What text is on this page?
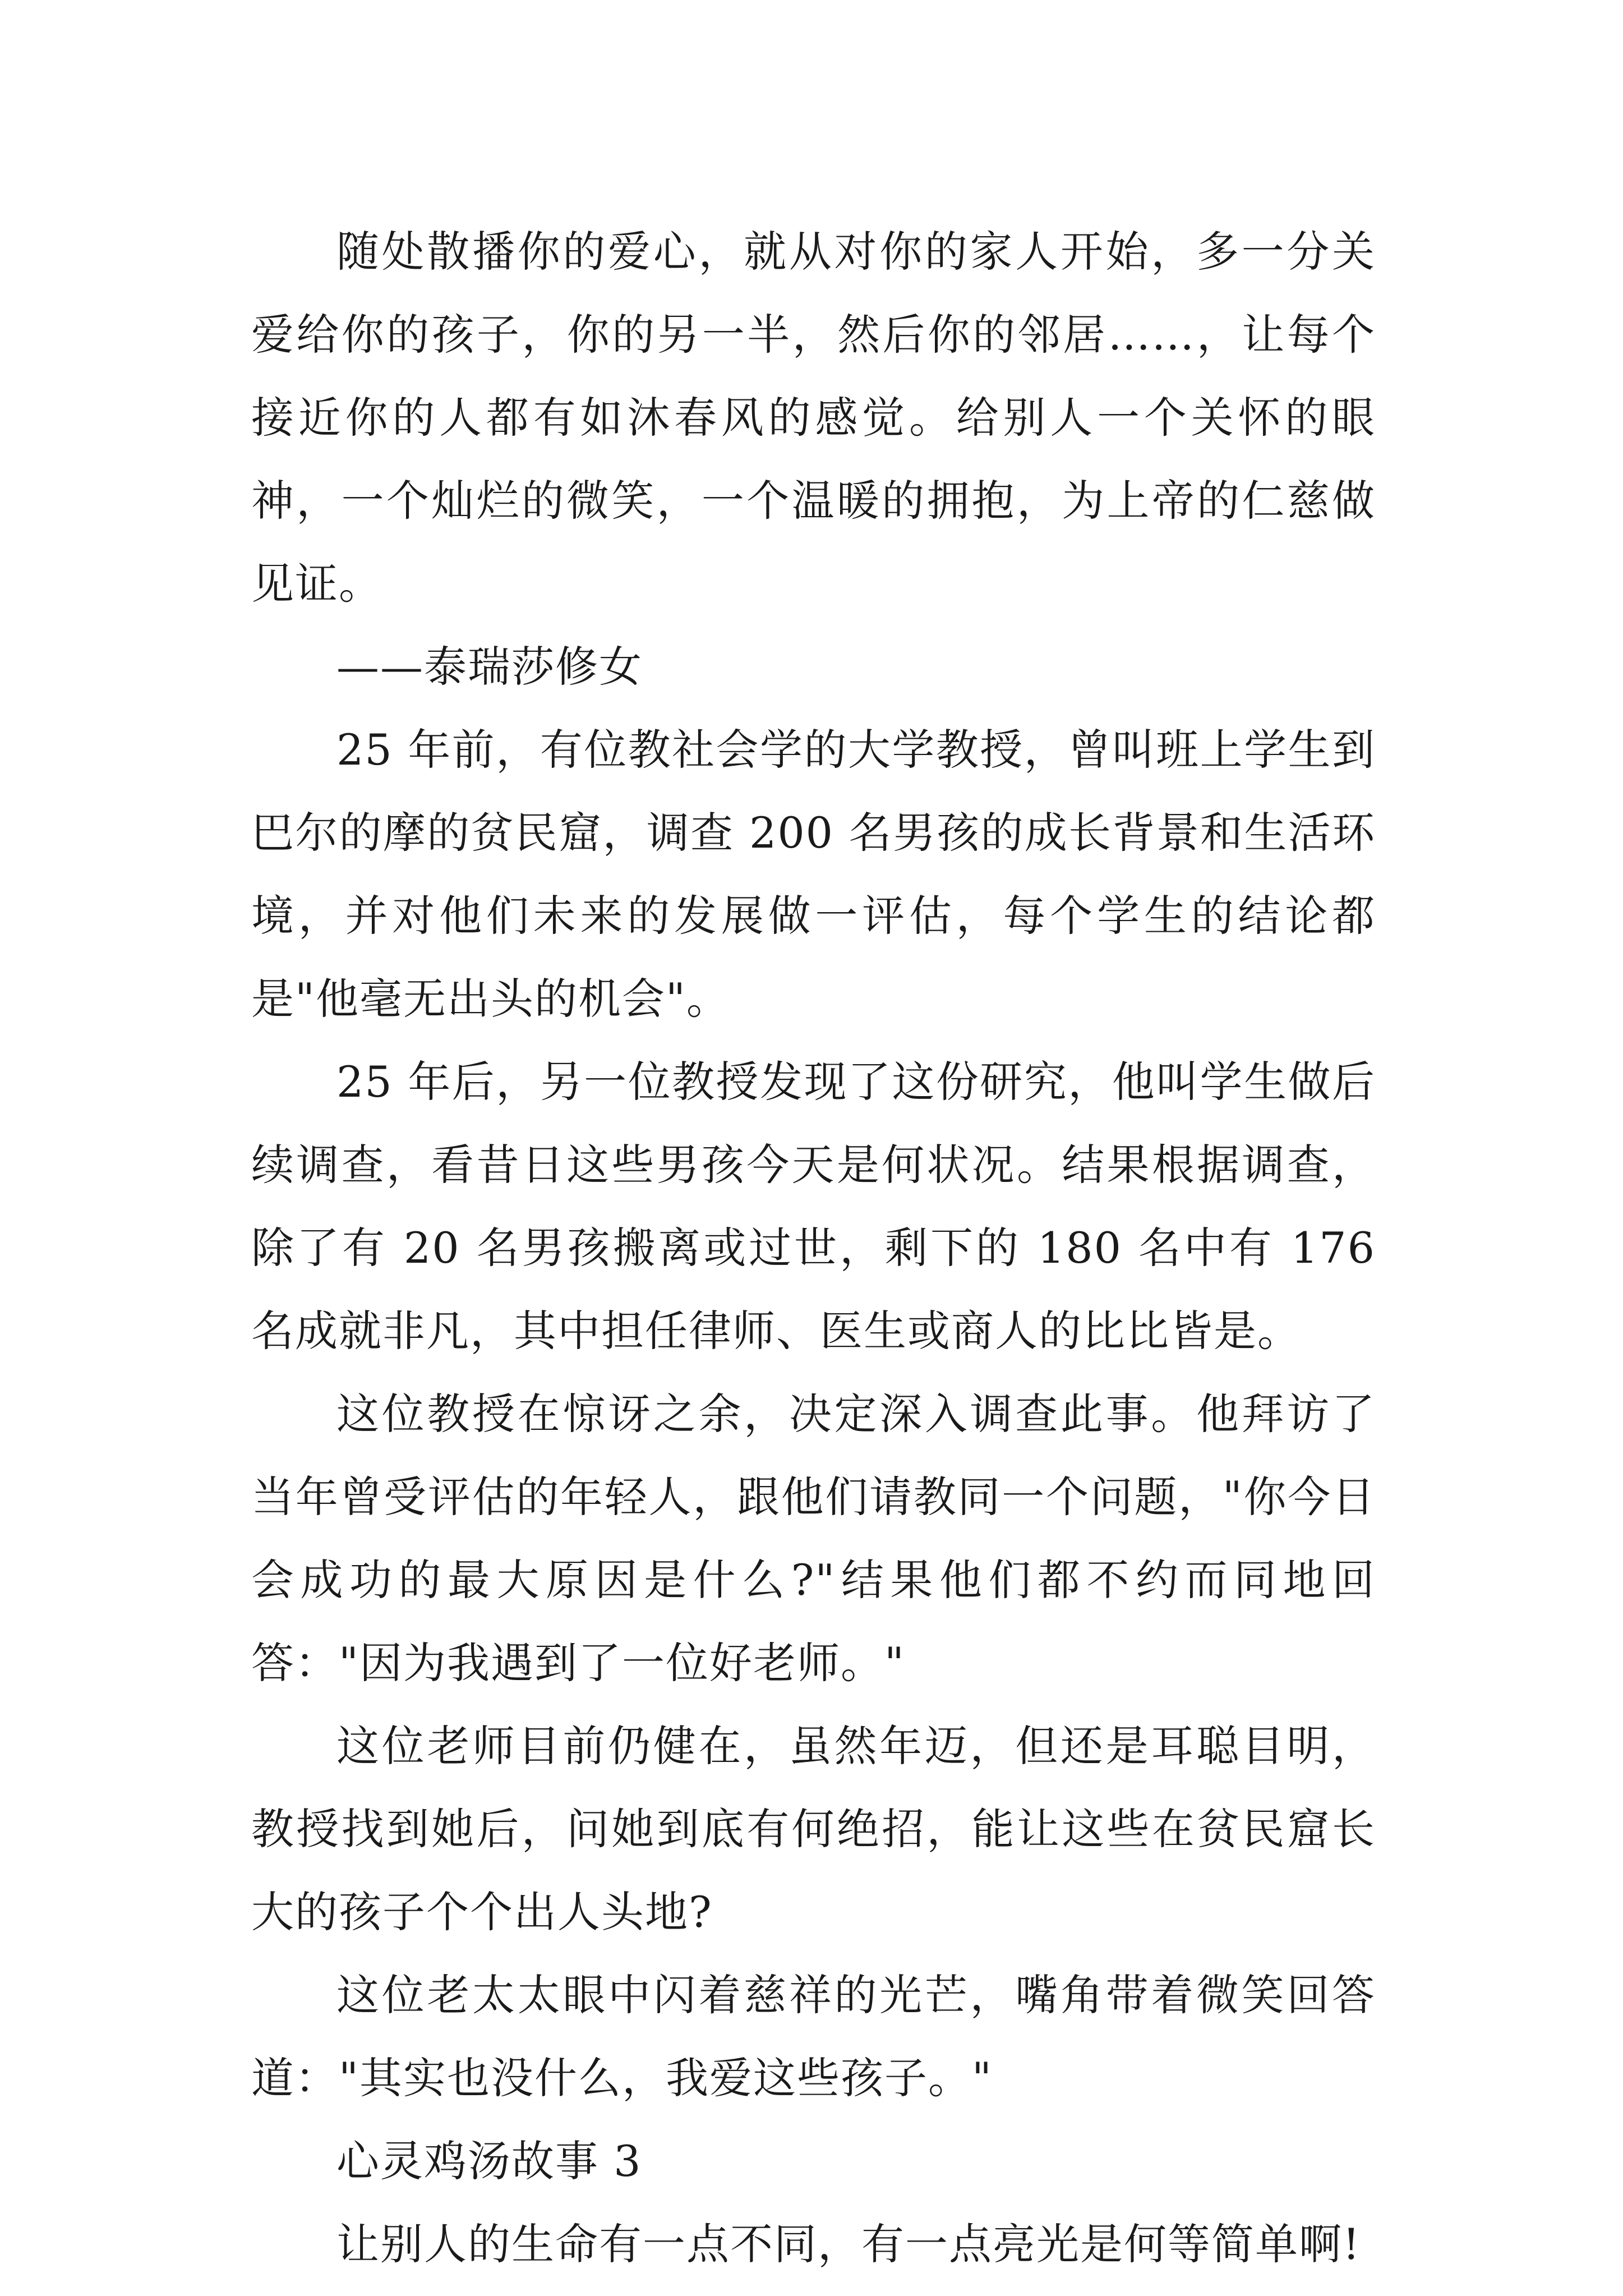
随处散播你的爱心，就从对你的家人开始，多一分关爱给你的孩子，你的另一半，然后你的邻居……，让每个接近你的人都有如沐春风的感觉。给别人一个关怀的眼神，一个灿烂的微笑，一个温暖的拥抱，为上帝的仁慈做见证。

——泰瑞莎修女

25 年前，有位教社会学的大学教授，曾叫班上学生到巴尔的摩的贫民窟，调查 200 名男孩的成长背景和生活环境，并对他们未来的发展做一评估，每个学生的结论都是"他毫无出头的机会"。

25 年后，另一位教授发现了这份研究，他叫学生做后续调查，看昔日这些男孩今天是何状况。结果根据调查，除了有 20 名男孩搬离或过世，剩下的 180 名中有 176 名成就非凡，其中担任律师、医生或商人的比比皆是。

这位教授在惊讶之余，决定深入调查此事。他拜访了当年曾受评估的年轻人，跟他们请教同一个问题，"你今日会成功的最大原因是什么?"结果他们都不约而同地回答："因为我遇到了一位好老师。"

这位老师目前仍健在，虽然年迈，但还是耳聪目明，教授找到她后，问她到底有何绝招，能让这些在贫民窟长大的孩子个个出人头地?

这位老太太眼中闪着慈祥的光芒，嘴角带着微笑回答道："其实也没什么，我爱这些孩子。"

心灵鸡汤故事 3

让别人的生命有一点不同，有一点亮光是何等简单啊!
